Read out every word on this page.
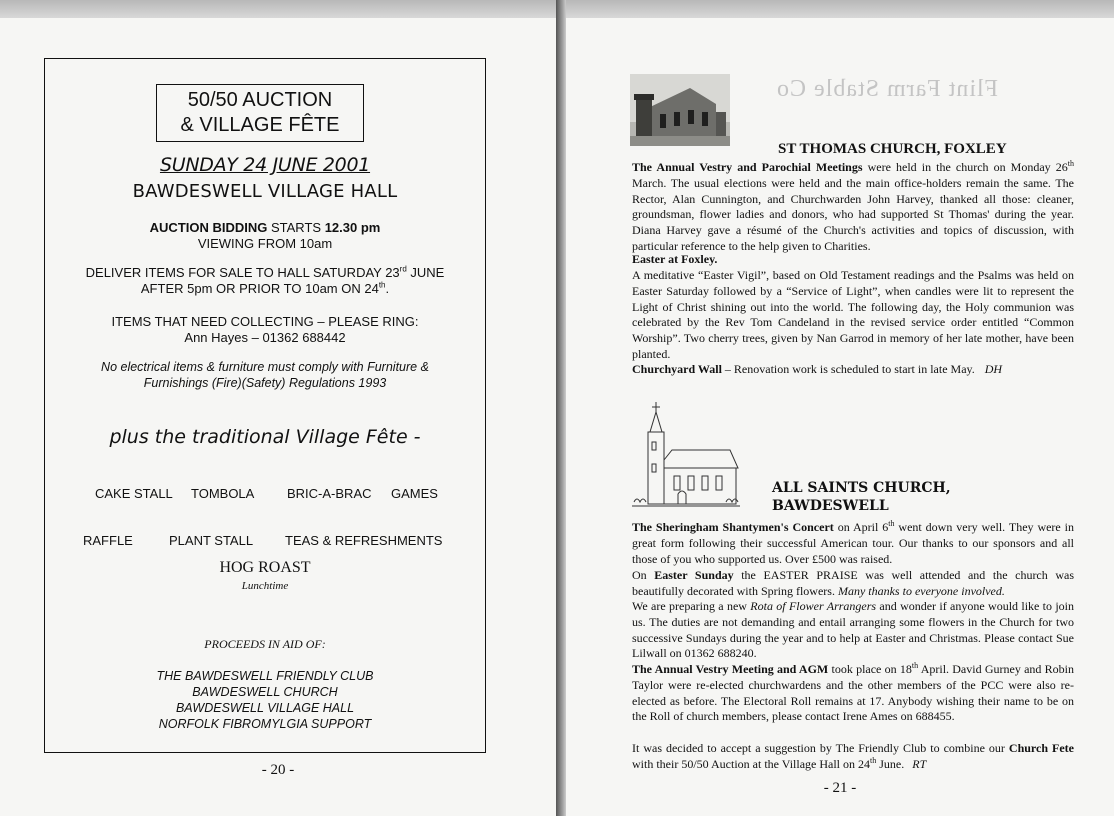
50/50 AUCTION
& VILLAGE FÊTE
SUNDAY 24 JUNE 2001
BAWDESWELL VILLAGE HALL
AUCTION BIDDING STARTS 12.30 pm
VIEWING FROM 10am
DELIVER ITEMS FOR SALE TO HALL SATURDAY 23rd JUNE
AFTER 5pm OR PRIOR TO 10am ON 24th.
ITEMS THAT NEED COLLECTING – PLEASE RING:
Ann Hayes – 01362 688442
No electrical items & furniture must comply with Furniture &
Furnishings (Fire)(Safety) Regulations 1993
plus the traditional Village Fête -
CAKE STALL TOMBOLA	BRIC-A-BRAC GAMES
RAFFLE	PLANT STALL TEAS & REFRESHMENTS
HOG ROAST
Lunchtime
PROCEEDS IN AID OF:
THE BAWDESWELL FRIENDLY CLUB
BAWDESWELL CHURCH
BAWDESWELL VILLAGE HALL
NORFOLK FIBROMYLGIA SUPPORT
- 20 -
Flint Farm Stable Co
ST THOMAS CHURCH, FOXLEY
The Annual Vestry and Parochial Meetings were held in the church on Monday 26th March. The usual elections were held and the main office-holders remain the same. The Rector, Alan Cunnington, and Churchwarden John Harvey, thanked all those: cleaner, groundsman, flower ladies and donors, who had supported St Thomas' during the year. Diana Harvey gave a résumé of the Church's activities and topics of discussion, with particular reference to the help given to Charities.
Easter at Foxley.
A meditative “Easter Vigil”, based on Old Testament readings and the Psalms was held on Easter Saturday followed by a “Service of Light”, when candles were lit to represent the Light of Christ shining out into the world. The following day, the Holy communion was celebrated by the Rev Tom Candeland in the revised service order entitled “Common Worship”. Two cherry trees, given by Nan Garrod in memory of her late mother, have been planted.
Churchyard Wall – Renovation work is scheduled to start in late May. DH
ALL SAINTS CHURCH,
BAWDESWELL
The Sheringham Shantymen's Concert on April 6th went down very well. They were in great form following their successful American tour. Our thanks to our sponsors and all those of you who supported us. Over £500 was raised.
On Easter Sunday the EASTER PRAISE was well attended and the church was beautifully decorated with Spring flowers. Many thanks to everyone involved.
We are preparing a new Rota of Flower Arrangers and wonder if anyone would like to join us. The duties are not demanding and entail arranging some flowers in the Church for two successive Sundays during the year and to help at Easter and Christmas. Please contact Sue Lilwall on 01362 688240.
The Annual Vestry Meeting and AGM took place on 18th April. David Gurney and Robin Taylor were re-elected churchwardens and the other members of the PCC were also re-elected as before. The Electoral Roll remains at 17. Anybody wishing their name to be on the Roll of church members, please contact Irene Ames on 688455.
It was decided to accept a suggestion by The Friendly Club to combine our Church Fete with their 50/50 Auction at the Village Hall on 24th June. RT
- 21 -
